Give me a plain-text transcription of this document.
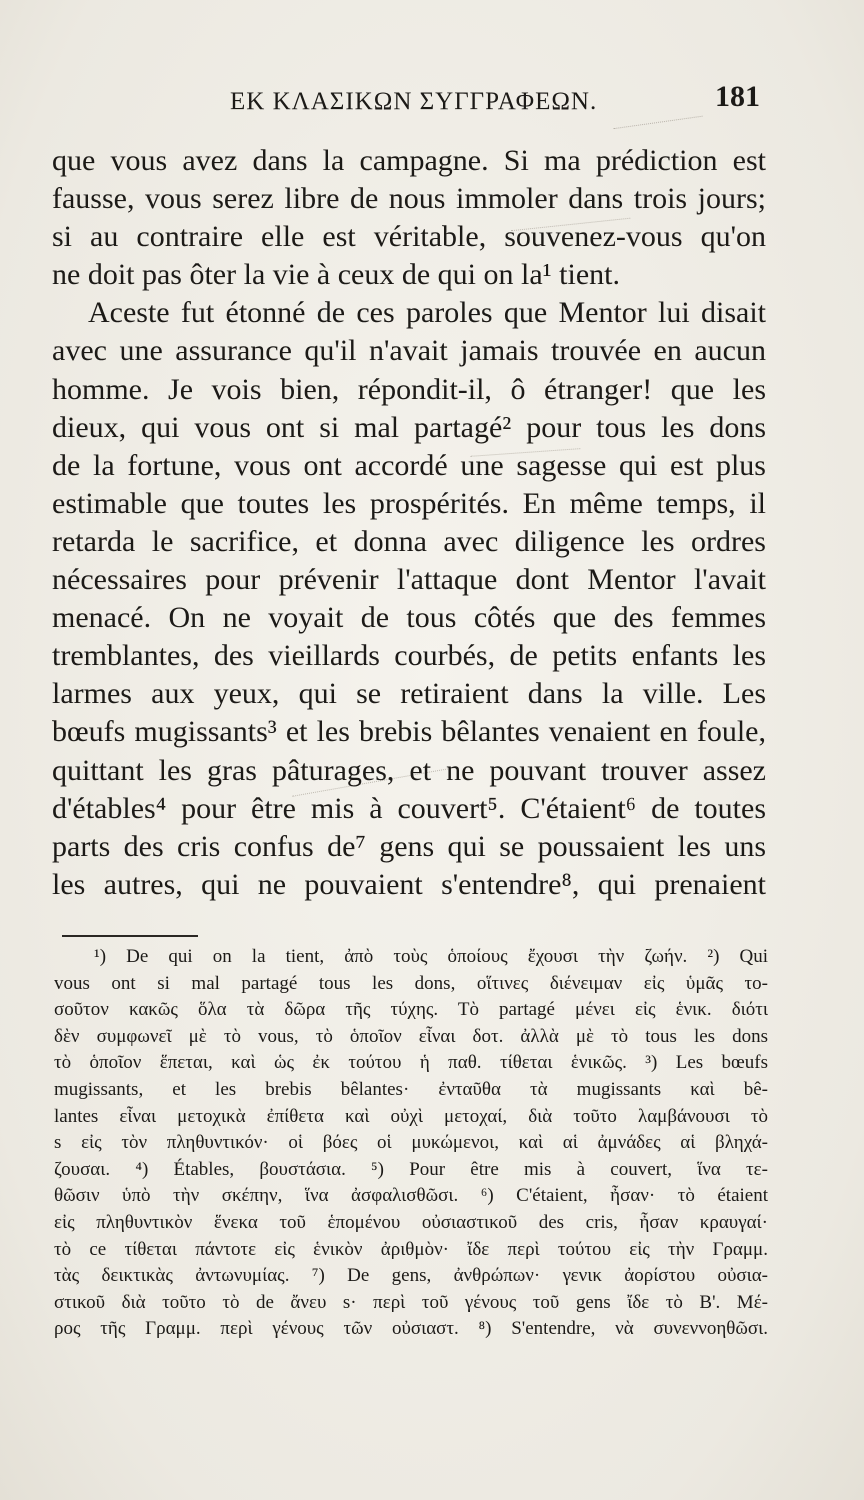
ΕΚ ΚΛΑΣΙΚΩΝ ΣΥΓΓΡΑΦΕΩΝ.	181
que vous avez dans la campagne. Si ma prédiction est
fausse, vous serez libre de nous immoler dans trois jours;
si au contraire elle est véritable, souvenez-vous qu'on
ne doit pas ôter la vie à ceux de qui on la¹ tient.
Aceste fut étonné de ces paroles que Mentor lui disait
avec une assurance qu'il n'avait jamais trouvée en aucun
homme. Je vois bien, répondit-il, ô étranger! que les
dieux, qui vous ont si mal partagé² pour tous les dons
de la fortune, vous ont accordé une sagesse qui est plus
estimable que toutes les prospérités. En même temps, il
retarda le sacrifice, et donna avec diligence les ordres
nécessaires pour prévenir l'attaque dont Mentor l'avait
menacé. On ne voyait de tous côtés que des femmes
tremblantes, des vieillards courbés, de petits enfants les
larmes aux yeux, qui se retiraient dans la ville. Les
bœufs mugissants³ et les brebis bêlantes venaient en foule,
quittant les gras pâturages, et ne pouvant trouver assez
d'étables⁴ pour être mis à couvert⁵. C'étaient⁶ de toutes
parts des cris confus de⁷ gens qui se poussaient les uns
les autres, qui ne pouvaient s'entendre⁸, qui prenaient
¹) De qui on la tient, ἀπὸ τοὺς ὁποίους ἔχουσι τὴν ζωήν. ²) Qui
vous ont si mal partagé tous les dons, οἵτινες διένειμαν εἰς ὑμᾶς το-
σοῦτον κακῶς ὅλα τὰ δῶρα τῆς τύχης. Τὸ partagé μένει εἰς ἑνικ. διότι
δὲν συμφωνεῖ μὲ τὸ vous, τὸ ὁποῖον εἶναι δοτ. ἀλλὰ μὲ τὸ tous les dons
τὸ ὁποῖον ἕπεται, καὶ ὡς ἐκ τούτου ἡ παθ. τίθεται ἑνικῶς. ³) Les bœufs
mugissants, et les brebis bêlantes· ἐνταῦθα τὰ mugissants καὶ bê-
lantes εἶναι μετοχικὰ ἐπίθετα καὶ οὐχὶ μετοχαί, διὰ τοῦτο λαμβάνουσι τὸ
s εἰς τὸν πληθυντικόν· οἱ βόες οἱ μυκώμενοι, καὶ αἱ ἀμνάδες αἱ βληχά-
ζουσαι. ⁴) Étables, βουστάσια. ⁵) Pour être mis à couvert, ἵνα τε-
θῶσιν ὑπὸ τὴν σκέπην, ἵνα ἀσφαλισθῶσι. ⁶) C'étaient, ἦσαν· τὸ étaient
εἰς πληθυντικὸν ἕνεκα τοῦ ἑπομένου οὐσιαστικοῦ des cris, ἦσαν κραυγαί·
τὸ ce τίθεται πάντοτε εἰς ἑνικὸν ἀριθμὸν· ἴδε περὶ τούτου εἰς τὴν Γραμμ.
τὰς δεικτικὰς ἀντωνυμίας. ⁷) De gens, ἀνθρώπων· γενικ ἀορίστου οὐσια-
στικοῦ διὰ τοῦτο τὸ de ἄνευ s· περὶ τοῦ γένους τοῦ gens ἴδε τὸ Β'. Μέ-
ρος τῆς Γραμμ. περὶ γένους τῶν οὐσιαστ. ⁸) S'entendre, νὰ συνεννοηθῶσι.
